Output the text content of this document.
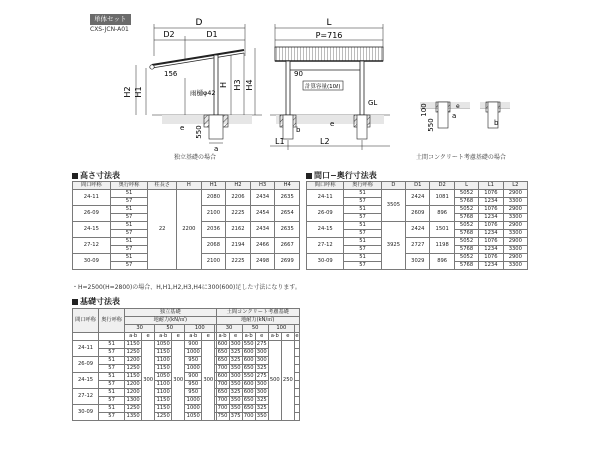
単体セット
CXS-JCN-A01
D
D2	D1
156
雨樋φ42
H2 H1
H H3 H4
550
a
e
L
P=716
90
計算容量(10ℓ)
GL
b
e
L1	L2
100
550
a
e
b
独立基礎の場合	土間コンクリート考慮基礎の場合
高さ寸法表
間口呼称	奥行呼称	柱長さ	H	H1	H2	H3	H4
24-11	51	22	2200	2080	2206	2434	2635
	57						
26-09	51			2100	2225	2454	2654
	57						
24-15	51			2036	2162	2434	2635
	57						
27-12	51			2068	2194	2466	2667
	57						
30-09	51			2100	2225	2498	2699
	57						
間口−奥行寸法表
間口呼称	奥行呼称	D	D1	D2	L	L1	L2
24-11	51	3505	2424	1081	5052	1076	2900
	57				5768	1234	3300
26-09	51		2609	896	5052	1076	2900
	57				5768	1234	3300
24-15	51	3925	2424	1501	5052	1076	2900
	57				5768	1234	3300
27-12	51		2727	1198	5052	1076	2900
	57				5768	1234	3300
30-09	51		3029	896	5052	1076	2900
	57				5768	1234	3300
・H=2500(H=2800)の場合、H,H1,H2,H3,H4に300(600)足した寸法になります。
基礎寸法表
間口呼称	奥行呼称	独立基礎							土間コンクリート考慮基礎						
		地耐力(kN/㎡)							地耐力(kN/㎡)						
		30		50		100			30		50		100		
		a·b	e	a·b	e	a·b	e		a·b	e	a·b	e	a·b	e	e
24-11	51	1150	300	1050	300	900	300		600	300	550	275	500	250	
	57	1250		1150		1000			650	325	600	300			
26-09	51	1200		1100		950			650	325	600	300			
	57	1250		1150		1000			700	350	650	325			
24-15	51	1150		1050		900			600	300	550	275			
	57	1200		1100		950			700	350	600	300			
27-12	51	1200		1100		950			650	325	600	300			
	57	1300		1150		1000			700	350	650	325			
30-09	51	1250		1150		1000			700	350	650	325			
	57	1350		1250		1050			750	375	700	350			
